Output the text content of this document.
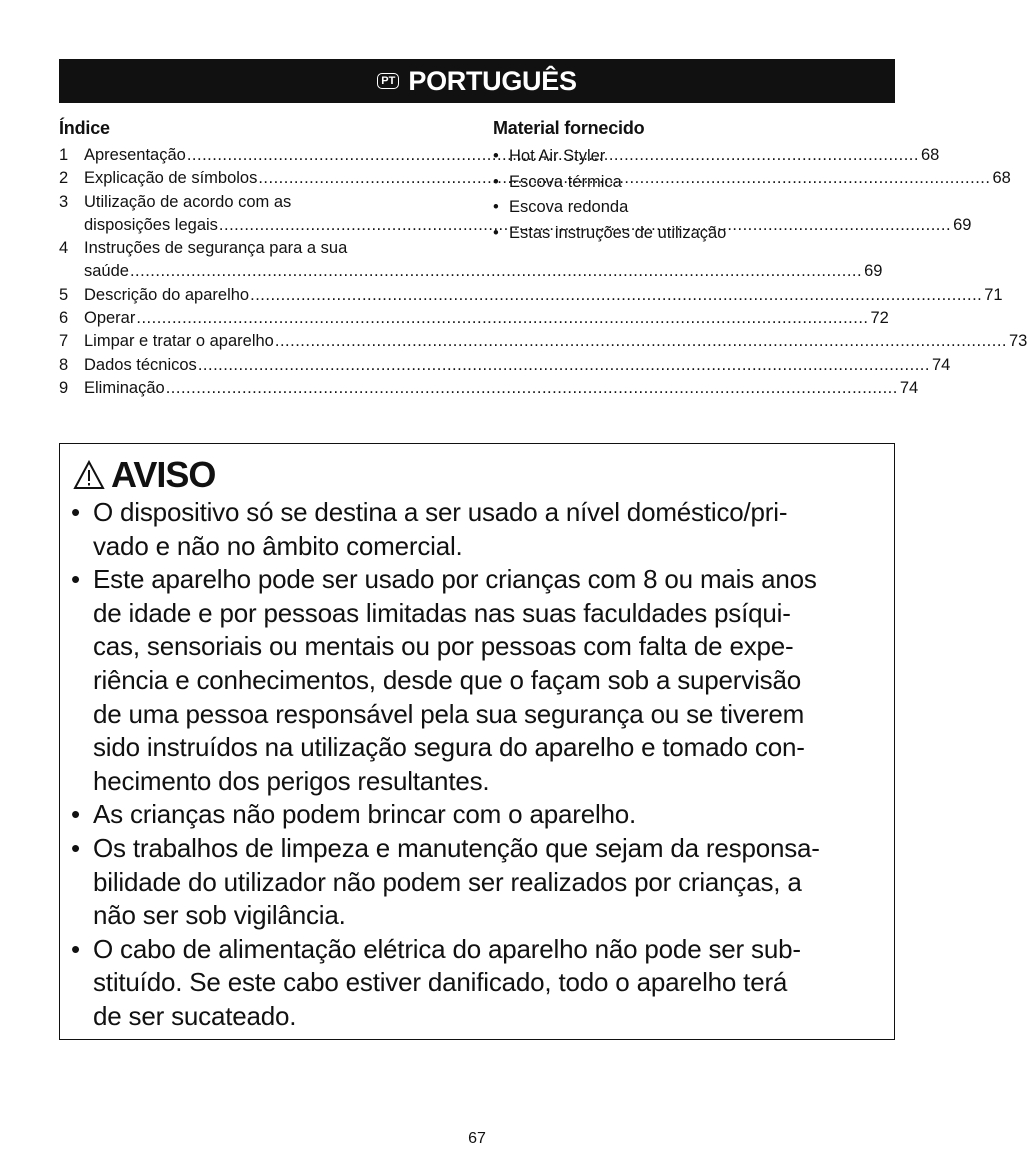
PT PORTUGUÊS
Índice
1 Apresentação .....	68
2 Explicação de símbolos .....	68
3 Utilização de acordo com as
disposições legais .....	69
4 Instruções de segurança para a sua
saúde .....	69
5 Descrição do aparelho .....	71
6 Operar .....	72
7 Limpar e tratar o aparelho .....	73
8 Dados técnicos .....	74
9 Eliminação .....	74
Material fornecido
• Hot Air Styler
• Escova térmica
• Escova redonda
• Estas instruções de utilização
AVISO
• O dispositivo só se destina a ser usado a nível doméstico/pri-
vado e não no âmbito comercial.
• Este aparelho pode ser usado por crianças com 8 ou mais anos
de idade e por pessoas limitadas nas suas faculdades psíqui-
cas, sensoriais ou mentais ou por pessoas com falta de expe-
riência e conhecimentos, desde que o façam sob a supervisão
de uma pessoa responsável pela sua segurança ou se tiverem
sido instruídos na utilização segura do aparelho e tomado con-
hecimento dos perigos resultantes.
• As crianças não podem brincar com o aparelho.
• Os trabalhos de limpeza e manutenção que sejam da responsa-
bilidade do utilizador não podem ser realizados por crianças, a
não ser sob vigilância.
• O cabo de alimentação elétrica do aparelho não pode ser sub-
stituído. Se este cabo estiver danificado, todo o aparelho terá
de ser sucateado.
67
